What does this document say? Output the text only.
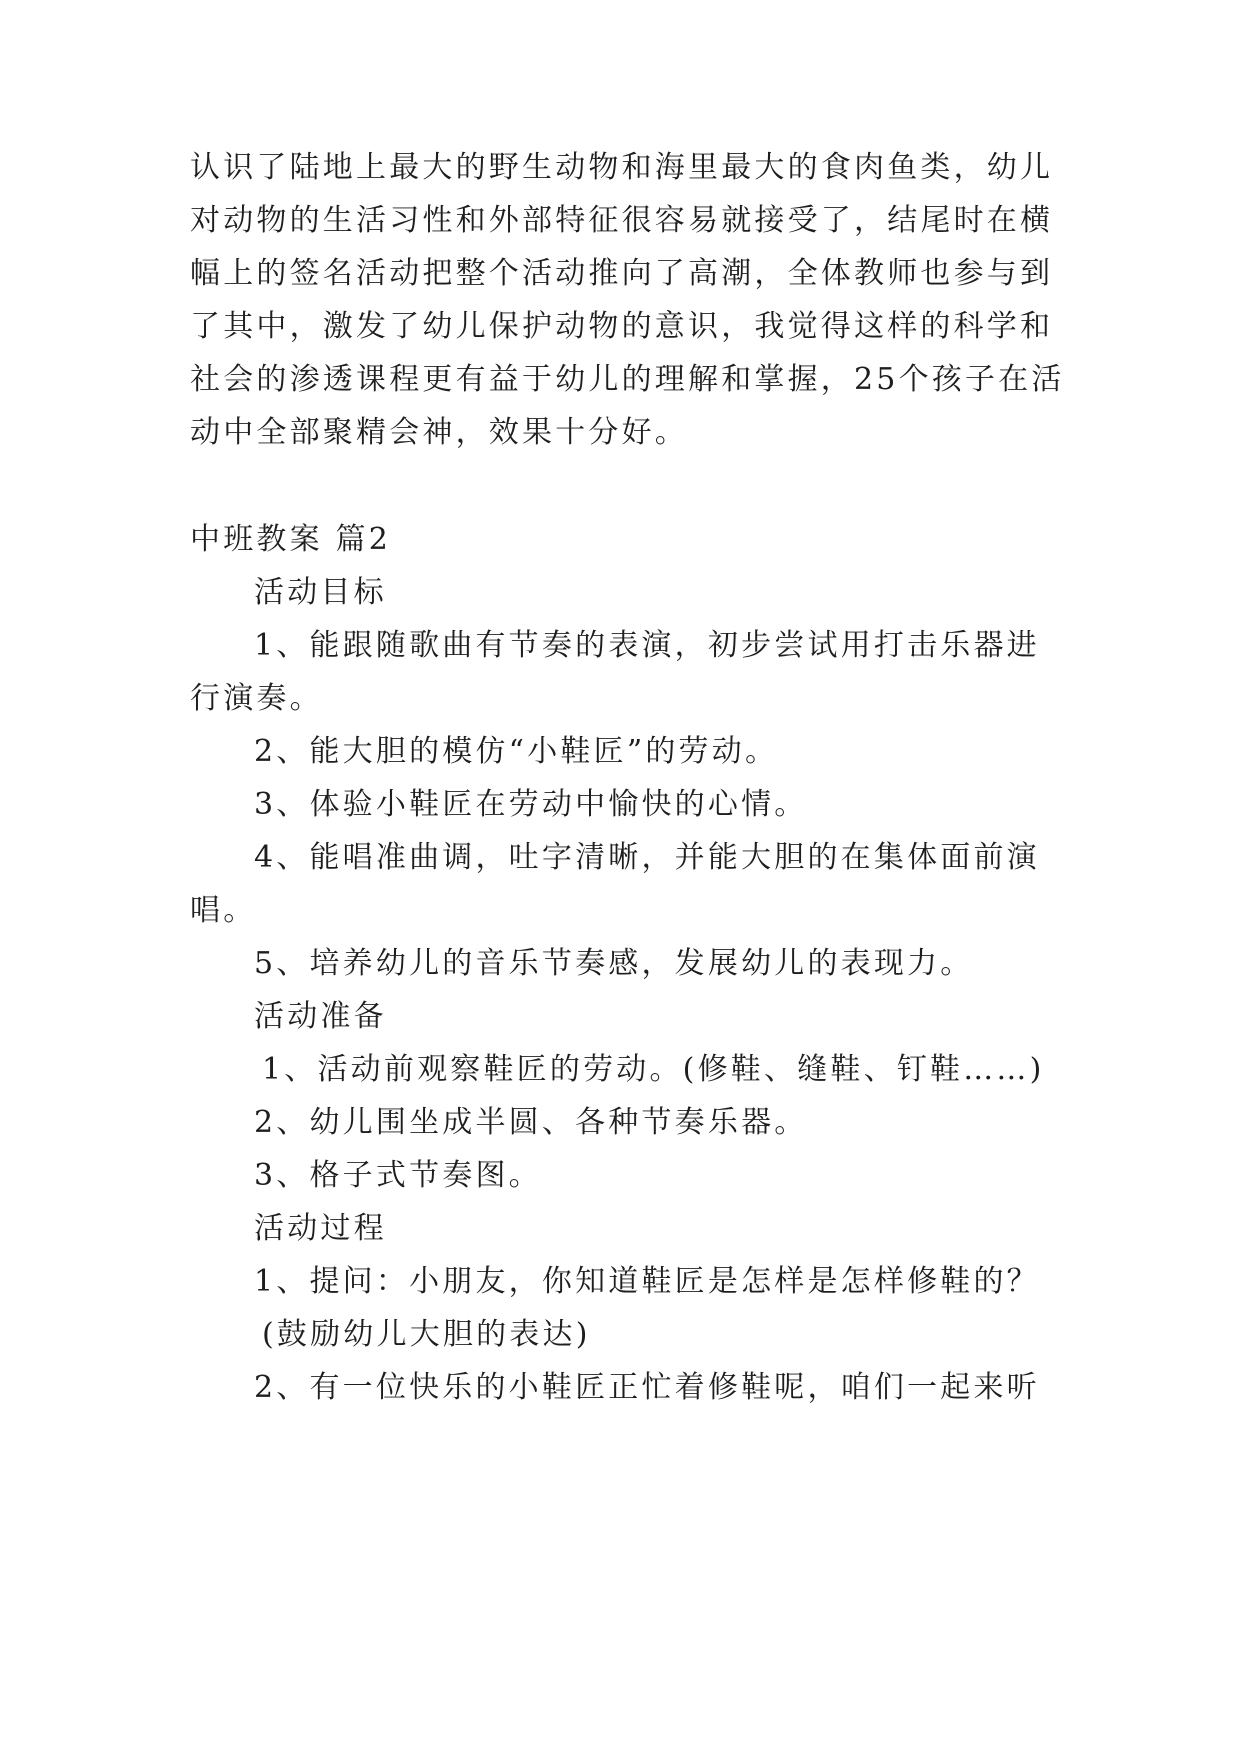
认识了陆地上最大的野生动物和海里最大的食肉鱼类，幼儿
对动物的生活习性和外部特征很容易就接受了，结尾时在横
幅上的签名活动把整个活动推向了高潮，全体教师也参与到
了其中，激发了幼儿保护动物的意识，我觉得这样的科学和
社会的渗透课程更有益于幼儿的理解和掌握，25个孩子在活
动中全部聚精会神，效果十分好。
中班教案 篇2
活动目标
1、能跟随歌曲有节奏的表演，初步尝试用打击乐器进
行演奏。
2、能大胆的模仿“小鞋匠”的劳动。
3、体验小鞋匠在劳动中愉快的心情。
4、能唱准曲调，吐字清晰，并能大胆的在集体面前演
唱。
5、培养幼儿的音乐节奏感，发展幼儿的表现力。
活动准备
1、活动前观察鞋匠的劳动。(修鞋、缝鞋、钉鞋……)
2、幼儿围坐成半圆、各种节奏乐器。
3、格子式节奏图。
活动过程
1、提问：小朋友，你知道鞋匠是怎样是怎样修鞋的？
(鼓励幼儿大胆的表达)
2、有一位快乐的小鞋匠正忙着修鞋呢，咱们一起来听
